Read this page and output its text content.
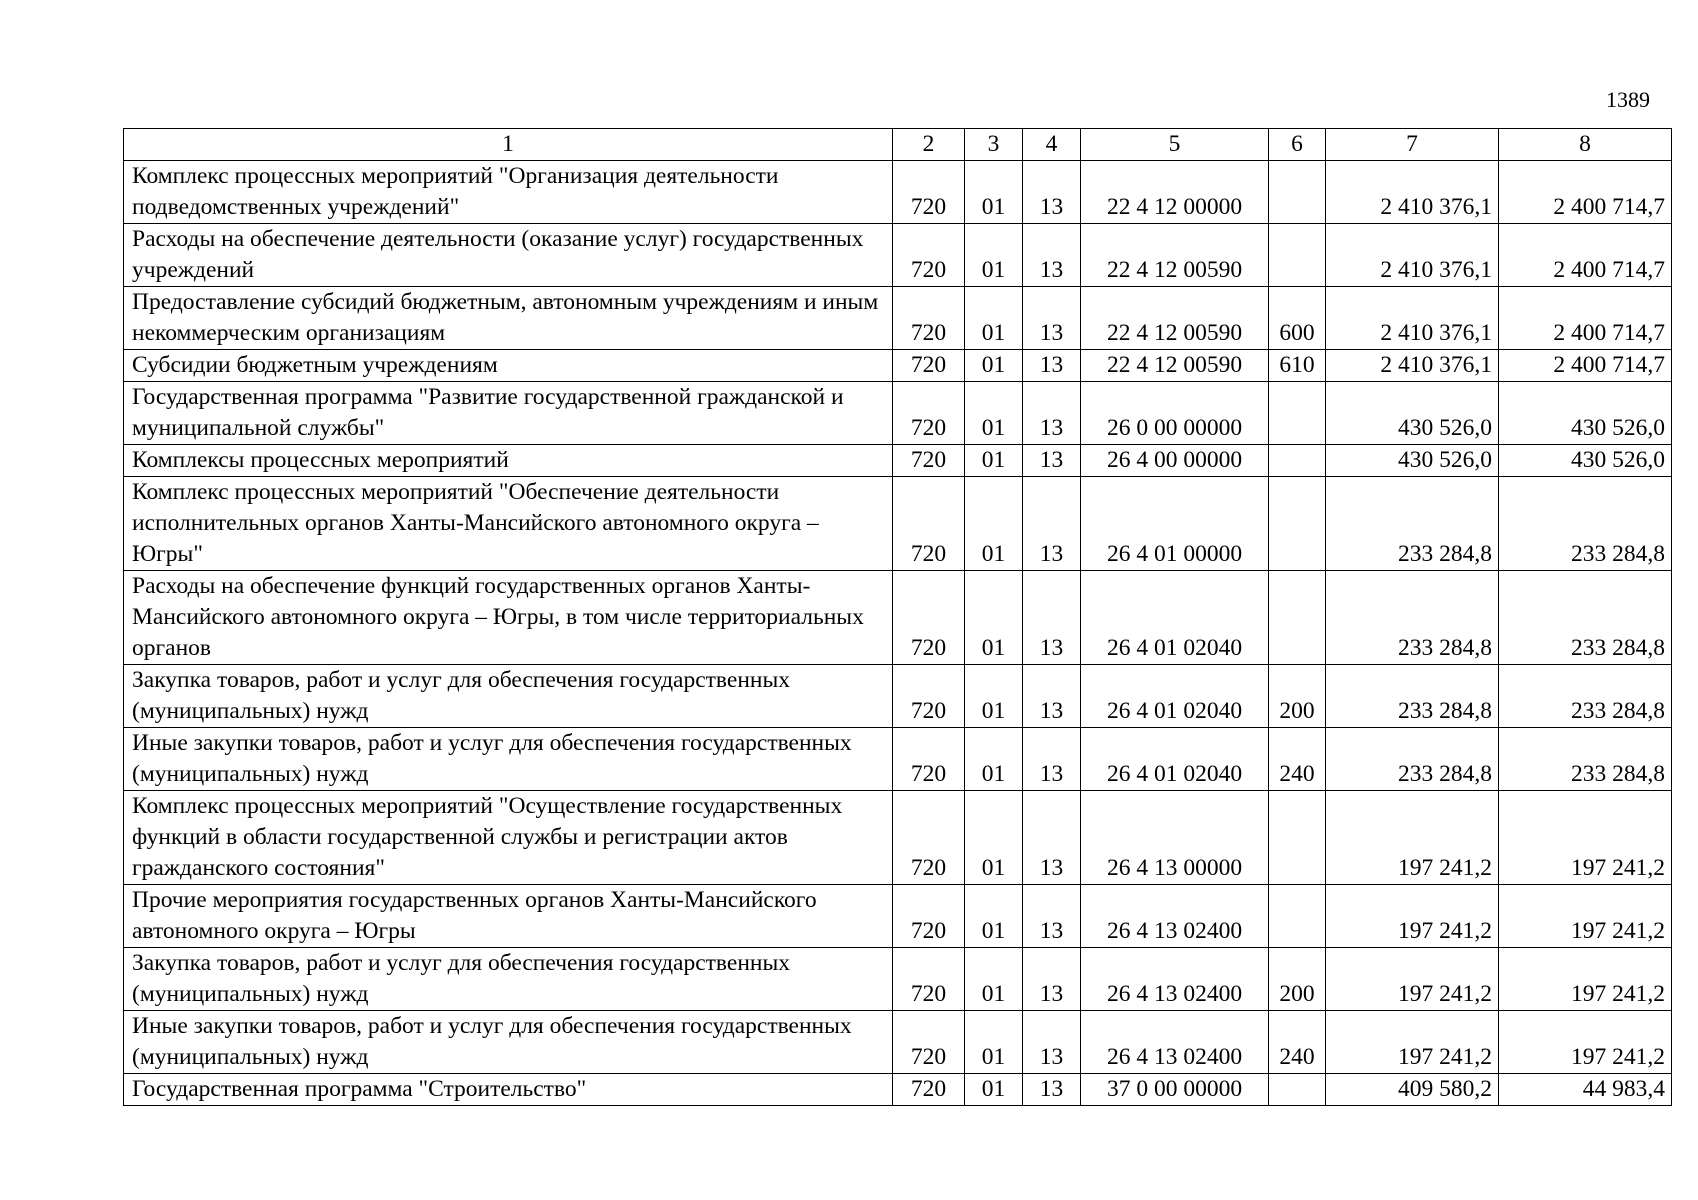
1389
1	2	3	4	5	6	7	8
Комплекс процессных мероприятий "Организация деятельности подведомственных учреждений"	720	01	13	22 4 12 00000		2 410 376,1	2 400 714,7
Расходы на обеспечение деятельности (оказание услуг) государственных учреждений	720	01	13	22 4 12 00590		2 410 376,1	2 400 714,7
Предоставление субсидий бюджетным, автономным учреждениям и иным некоммерческим организациям	720	01	13	22 4 12 00590	600	2 410 376,1	2 400 714,7
Субсидии бюджетным учреждениям	720	01	13	22 4 12 00590	610	2 410 376,1	2 400 714,7
Государственная программа "Развитие государственной гражданской и муниципальной службы"	720	01	13	26 0 00 00000		430 526,0	430 526,0
Комплексы процессных мероприятий	720	01	13	26 4 00 00000		430 526,0	430 526,0
Комплекс процессных мероприятий "Обеспечение деятельности исполнительных органов Ханты-Мансийского автономного округа – Югры"	720	01	13	26 4 01 00000		233 284,8	233 284,8
Расходы на обеспечение функций государственных органов Ханты-Мансийского автономного округа – Югры, в том числе территориальных органов	720	01	13	26 4 01 02040		233 284,8	233 284,8
Закупка товаров, работ и услуг для обеспечения государственных (муниципальных) нужд	720	01	13	26 4 01 02040	200	233 284,8	233 284,8
Иные закупки товаров, работ и услуг для обеспечения государственных (муниципальных) нужд	720	01	13	26 4 01 02040	240	233 284,8	233 284,8
Комплекс процессных мероприятий "Осуществление государственных функций в области государственной службы и регистрации актов гражданского состояния"	720	01	13	26 4 13 00000		197 241,2	197 241,2
Прочие мероприятия государственных органов Ханты-Мансийского автономного округа – Югры	720	01	13	26 4 13 02400		197 241,2	197 241,2
Закупка товаров, работ и услуг для обеспечения государственных (муниципальных) нужд	720	01	13	26 4 13 02400	200	197 241,2	197 241,2
Иные закупки товаров, работ и услуг для обеспечения государственных (муниципальных) нужд	720	01	13	26 4 13 02400	240	197 241,2	197 241,2
Государственная программа "Строительство"	720	01	13	37 0 00 00000		409 580,2	44 983,4
